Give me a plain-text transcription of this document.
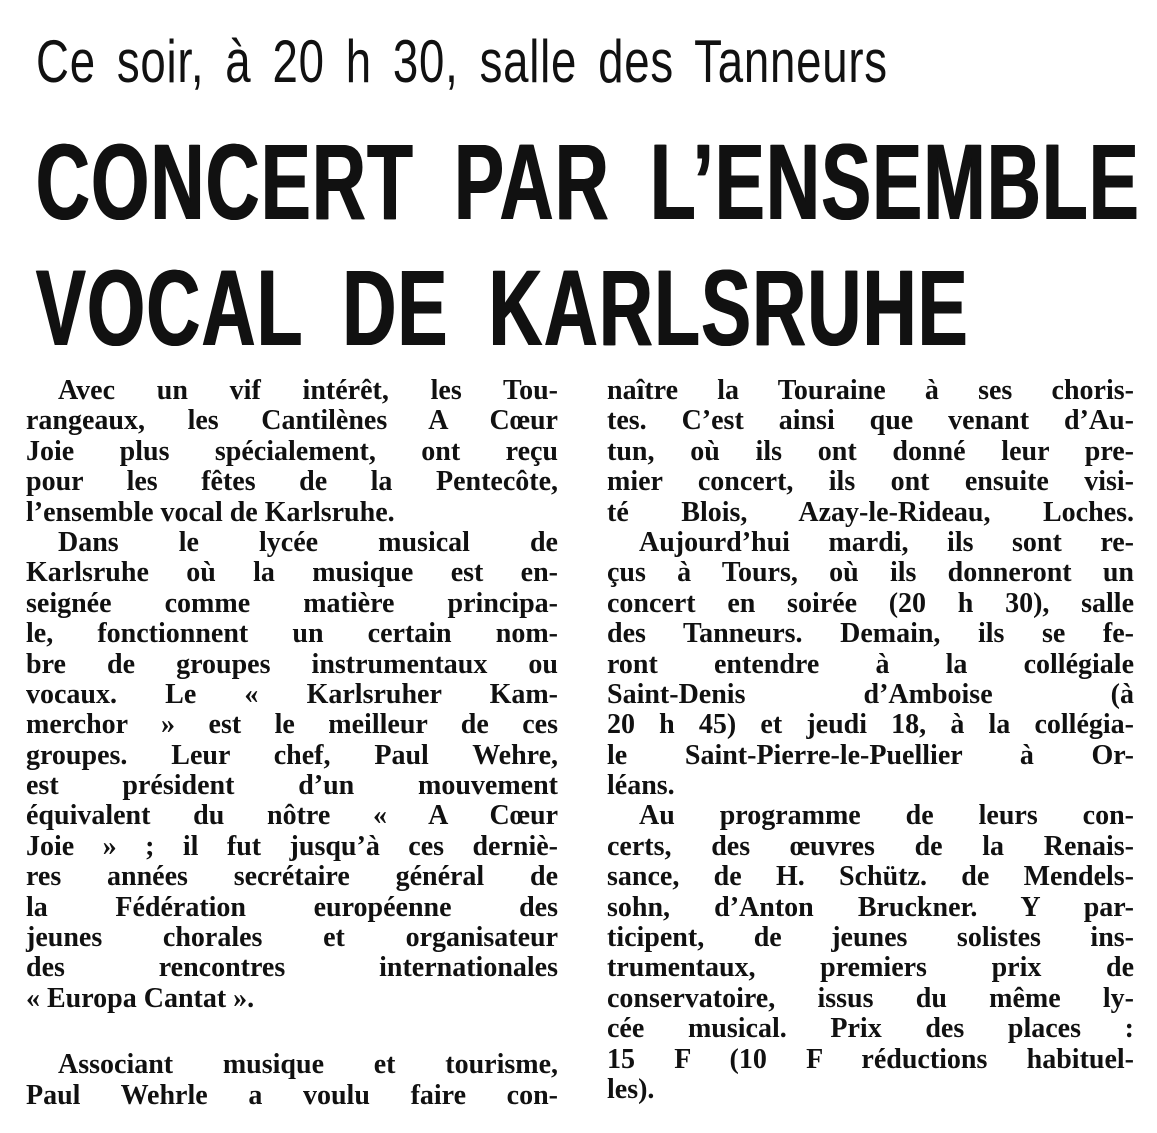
Ce soir, à 20 h 30, salle des Tanneurs
CONCERT PAR L’ENSEMBLE
VOCAL DE KARLSRUHE
Avec un vif intérêt, les Tou-
rangeaux, les Cantilènes A Cœur
Joie plus spécialement, ont reçu
pour les fêtes de la Pentecôte,
l’ensemble vocal de Karlsruhe.
Dans le lycée musical de
Karlsruhe où la musique est en-
seignée comme matière principa-
le, fonctionnent un certain nom-
bre de groupes instrumentaux ou
vocaux. Le « Karlsruher Kam-
merchor » est le meilleur de ces
groupes. Leur chef, Paul Wehre,
est président d’un mouvement
équivalent du nôtre « A Cœur
Joie » ; il fut jusqu’à ces derniè-
res années secrétaire général de
la Fédération européenne des
jeunes chorales et organisateur
des rencontres internationales
« Europa Cantat ».
Associant musique et tourisme,
Paul Wehrle a voulu faire con-
naître la Touraine à ses choris-
tes. C’est ainsi que venant d’Au-
tun, où ils ont donné leur pre-
mier concert, ils ont ensuite visi-
té Blois, Azay-le-Rideau, Loches.
Aujourd’hui mardi, ils sont re-
çus à Tours, où ils donneront un
concert en soirée (20 h 30), salle
des Tanneurs. Demain, ils se fe-
ront entendre à la collégiale
Saint-Denis d’Amboise (à
20 h 45) et jeudi 18, à la collégia-
le Saint-Pierre-le-Puellier à Or-
léans.
Au programme de leurs con-
certs, des œuvres de la Renais-
sance, de H. Schütz. de Mendels-
sohn, d’Anton Bruckner. Y par-
ticipent, de jeunes solistes ins-
trumentaux, premiers prix de
conservatoire, issus du même ly-
cée musical. Prix des places :
15 F (10 F réductions habituel-
les).
